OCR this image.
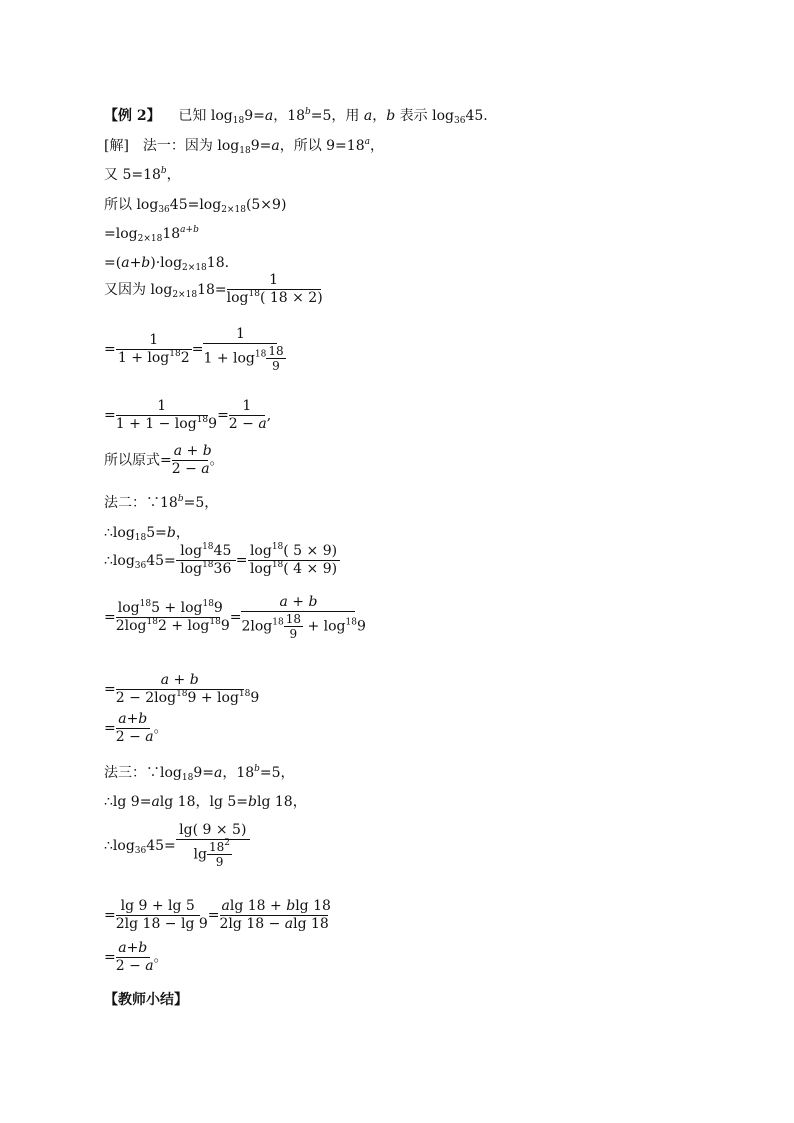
【例 2】    已知 $\log_{18}9=a$，$18^b=5$，用 a，b 表示 $\log_{36}45$.
[解]　法一：因为 $\log_{18}9=a$，所以 $9=18^a$，
又 $5=18^b$，
所以 $\log_{36}45=\log_{2\times 18}(5\times 9)$
$=\log_{2\times 18}18^{a+b}$
$=(a+b)\cdot\log_{2\times 18}18$.
又因为 $\log_{2\times 18}18= \frac{1}{\log^{18}( 18 \times 2)}$
= $\frac{1}{1 + \log^{18}2} = \frac{1}{1 + \log^{18} \frac{18}{9}}$
= $\frac{1}{1 + 1 - \log^{18}9} = \frac{1}{2 - a}$ ,
所以原式= $\frac{a + b}{2 - a}$ 。
法二：$\because 18^b=5$，
$\therefore\log_{18}5=b$，
$\therefore\log_{36}45= \frac{\log^{18}45}{\log^{18}36} = \frac{\log^{18}( 5 \times 9)}{\log^{18}( 4 \times 9)}$
= $\frac{\log^{18}5 + \log^{18}9}{2\log^{18}2 + \log^{18}9} = \frac{a + b}{2\log^{18} \frac{18}{9} + \log^{18}9}$
= $\frac{a + b}{2 - 2\log^{18}9 + \log^{18}9}$
= $\frac{a+b}{2 - a}$ 。
法三：$\because\log_{18}9=a$，$18^b=5$，
∴lg 9=alg 18，lg 5=blg 18，
$\therefore\log_{36}45= \frac{\lg( 9 \times 5)}{\lg \frac{18^2}{9}}$
= $\frac{\lg 9 + \lg 5}{2\lg 18 - \lg 9} = \frac{alg 18 + blg 18}{2\lg 18 - alg 18}$
= $\frac{a+b}{2 - a}$ 。
【教师小结】
